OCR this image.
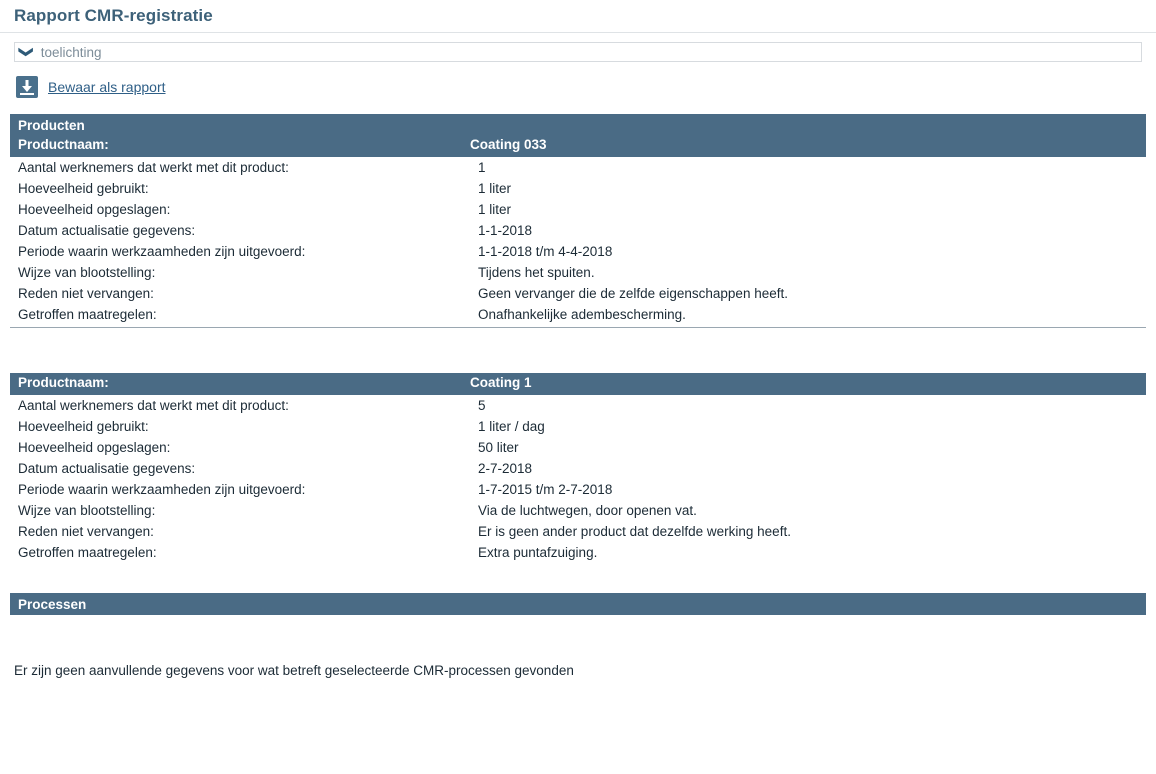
Rapport CMR-registratie
❯ toelichting
Bewaar als rapport
Producten
Productnaam:	Coating 033
Aantal werknemers dat werkt met dit product:	1
Hoeveelheid gebruikt:	1 liter
Hoeveelheid opgeslagen:	1 liter
Datum actualisatie gegevens:	1-1-2018
Periode waarin werkzaamheden zijn uitgevoerd:	1-1-2018 t/m 4-4-2018
Wijze van blootstelling:	Tijdens het spuiten.
Reden niet vervangen:	Geen vervanger die de zelfde eigenschappen heeft.
Getroffen maatregelen:	Onafhankelijke adembescherming.
Productnaam:	Coating 1
Aantal werknemers dat werkt met dit product:	5
Hoeveelheid gebruikt:	1 liter / dag
Hoeveelheid opgeslagen:	50 liter
Datum actualisatie gegevens:	2-7-2018
Periode waarin werkzaamheden zijn uitgevoerd:	1-7-2015 t/m 2-7-2018
Wijze van blootstelling:	Via de luchtwegen, door openen vat.
Reden niet vervangen:	Er is geen ander product dat dezelfde werking heeft.
Getroffen maatregelen:	Extra puntafzuiging.
Processen
Er zijn geen aanvullende gegevens voor wat betreft geselecteerde CMR-processen gevonden
